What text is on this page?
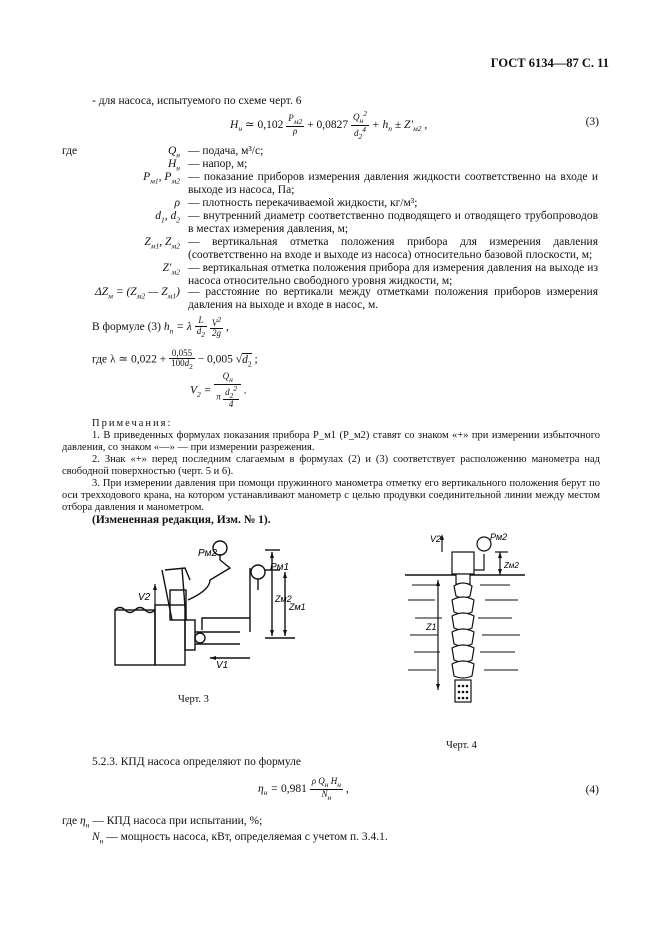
ГОСТ 6134—87 С. 11
- для насоса, испытуемого по схеме черт. 6
$H_н$ ≃ $0,102 \frac{P_{м2}}{\rho} + 0,0827 \frac{Q_н^2}{d_2^4} + h_п \pm Z'_{м2}$ ,	(3)
где	$Q_н$ — подача, м³/с;
$H_н$ — напор, м;
$P_{м1}$, $P_{м2}$ — показание приборов измерения давления жидкости соответственно на входе и выходе из насоса, Па;
ρ — плотность перекачиваемой жидкости, кг/м³;
$d_1$, $d_2$ — внутренний диаметр соответственно подводящего и отводящего трубопроводов в местах измерения давления, м;
$Z_{м1}$, $Z_{м2}$ — вертикальная отметка положения прибора для измерения давления (соответственно на входе и выходе из насоса) относительно базовой плоскости, м;
$Z'_{м2}$ — вертикальная отметка положения прибора для измерения давления на выходе из насоса относительно свободного уровня жидкости, м;
$\Delta Z_м = (Z_{м2}$ — $Z_{м1}$) — расстояние по вертикали между отметками положения приборов измерения давления на выходе и входе в насос, м.
В формуле (3) $h_п = \lambda \frac{L}{d_2}$
$\frac{V^2}{2g}$ ,
где λ ≃ $0,022 + \frac{0,055}{100d_2} - 0,005$ $√d_2$ ;
$V_2 = \frac{Q_н}{\pi \frac{d_2^2}{4}}$ .
Примечания:
1. В приведенных формулах показания прибора P_м1 (P_м2) ставят со знаком «+» при измерении избыточного давления, со знаком «—» — при измерении разрежения.
2. Знак «+» перед последним слагаемым в формулах (2) и (3) соответствует расположению манометра над свободной поверхностью (черт. 5 и 6).
3. При измерении давления при помощи пружинного манометра отметку его вертикального положения берут по оси трехходового крана, на котором устанавливают манометр с целью продувки соединительной линии между местом отбора давления и манометром.
(Измененная редакция, Изм. № 1).
Pм2
Pм1
V2	Zм2
Zм1
V1
Черт. 3
V2	Pм2
Zм2
Z1
Черт. 4
5.2.3. КПД насоса определяют по формуле
$\eta_н = 0,981 \frac{\rho Q_н H_н}{N_н}$ ,	(4)
где $\eta_н$ — КПД насоса при испытании, %;
$N_н$ — мощность насоса, кВт, определяемая с учетом п. 3.4.1.
